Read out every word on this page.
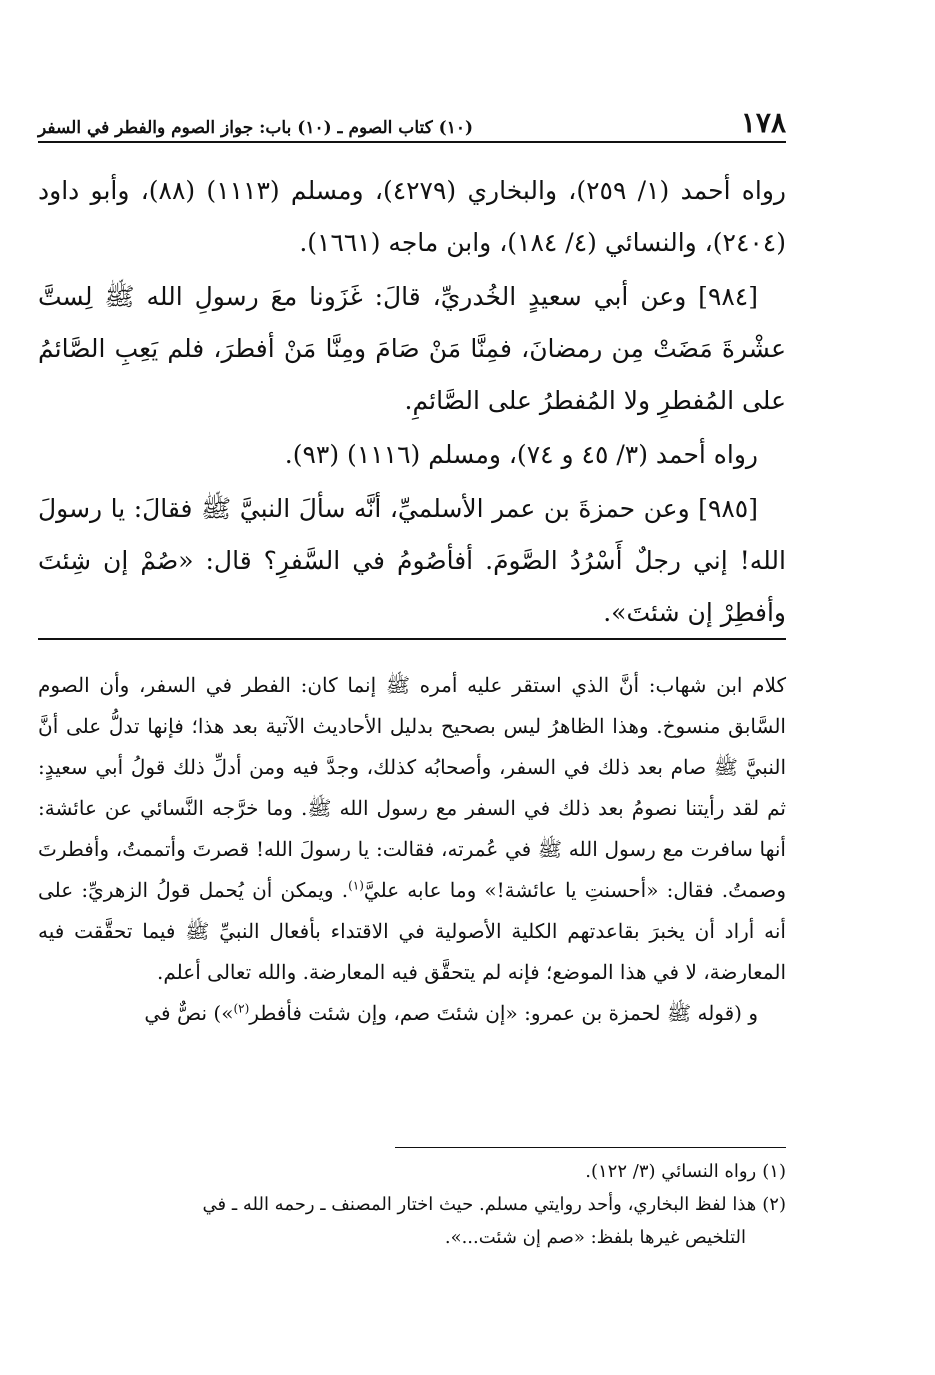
١٧٨
(١٠) كتاب الصوم ـ (١٠) باب: جواز الصوم والفطر في السفر

رواه أحمد (١/ ٢٥٩)، والبخاري (٤٢٧٩)، ومسلم (١١١٣) (٨٨)، وأبو داود (٢٤٠٤)، والنسائي (٤/ ١٨٤)، وابن ماجه (١٦٦١).

[٩٨٤] وعن أبي سعيدٍ الخُدريِّ، قالَ: غَزَونا معَ رسولِ الله ﷺ لِستَّ عشْرةَ مَضَتْ مِن رمضانَ، فمِنَّا مَنْ صَامَ ومِنَّا مَنْ أفطرَ، فلم يَعِبِ الصَّائمُ على المُفطرِ ولا المُفطرُ على الصَّائمِ.

رواه أحمد (٣/ ٤٥ و ٧٤)، ومسلم (١١١٦) (٩٣).

[٩٨٥] وعن حمزةَ بن عمر الأسلميِّ، أنَّه سألَ النبيَّ ﷺ فقالَ: يا رسولَ الله! إني رجلٌ أَسْرُدُ الصَّومَ. أفأصُومُ في السَّفرِ؟ قال: «صُمْ إن شِئتَ وأفطِرْ إن شئتَ».

كلام ابن شهاب: أنَّ الذي استقر عليه أمره ﷺ إنما كان: الفطر في السفر، وأن الصوم السَّابق منسوخ. وهذا الظاهرُ ليس بصحيح بدليل الأحاديث الآتية بعد هذا؛ فإنها تدلُّ على أنَّ النبيَّ ﷺ صام بعد ذلك في السفر، وأصحابُه كذلك، وجدَّ فيه ومن أدلِّ ذلك قولُ أبي سعيدٍ: ثم لقد رأيتنا نصومُ بعد ذلك في السفر مع رسول الله ﷺ. وما خرَّجه النَّسائي عن عائشة: أنها سافرت مع رسول الله ﷺ في عُمرته، فقالت: يا رسولَ الله! قصرتَ وأتممتُ، وأفطرتَ وصمتُ. فقال: «أحسنتِ يا عائشة!» وما عابه عليَّ$^{(١)}$. ويمكن أن يُحمل قولُ الزهريِّ: على أنه أراد أن يخبرَ بقاعدتهم الكلية الأصولية في الاقتداء بأفعال النبيِّ ﷺ فيما تحقَّقت فيه المعارضة، لا في هذا الموضع؛ فإنه لم يتحقَّق فيه المعارضة. والله تعالى أعلم.

و (قوله ﷺ لحمزة بن عمرو: «إن شئتَ صم، وإن شئت فأفطر$^{(٢)}$») نصٌّ في

(١)رواه النسائي (٣/ ١٢٢).

(٢)هذا لفظ البخاري، وأحد روايتي مسلم. حيث اختار المصنف ـ رحمه الله ـ في

التلخيص غيرها بلفظ: «صم إن شئت...».
